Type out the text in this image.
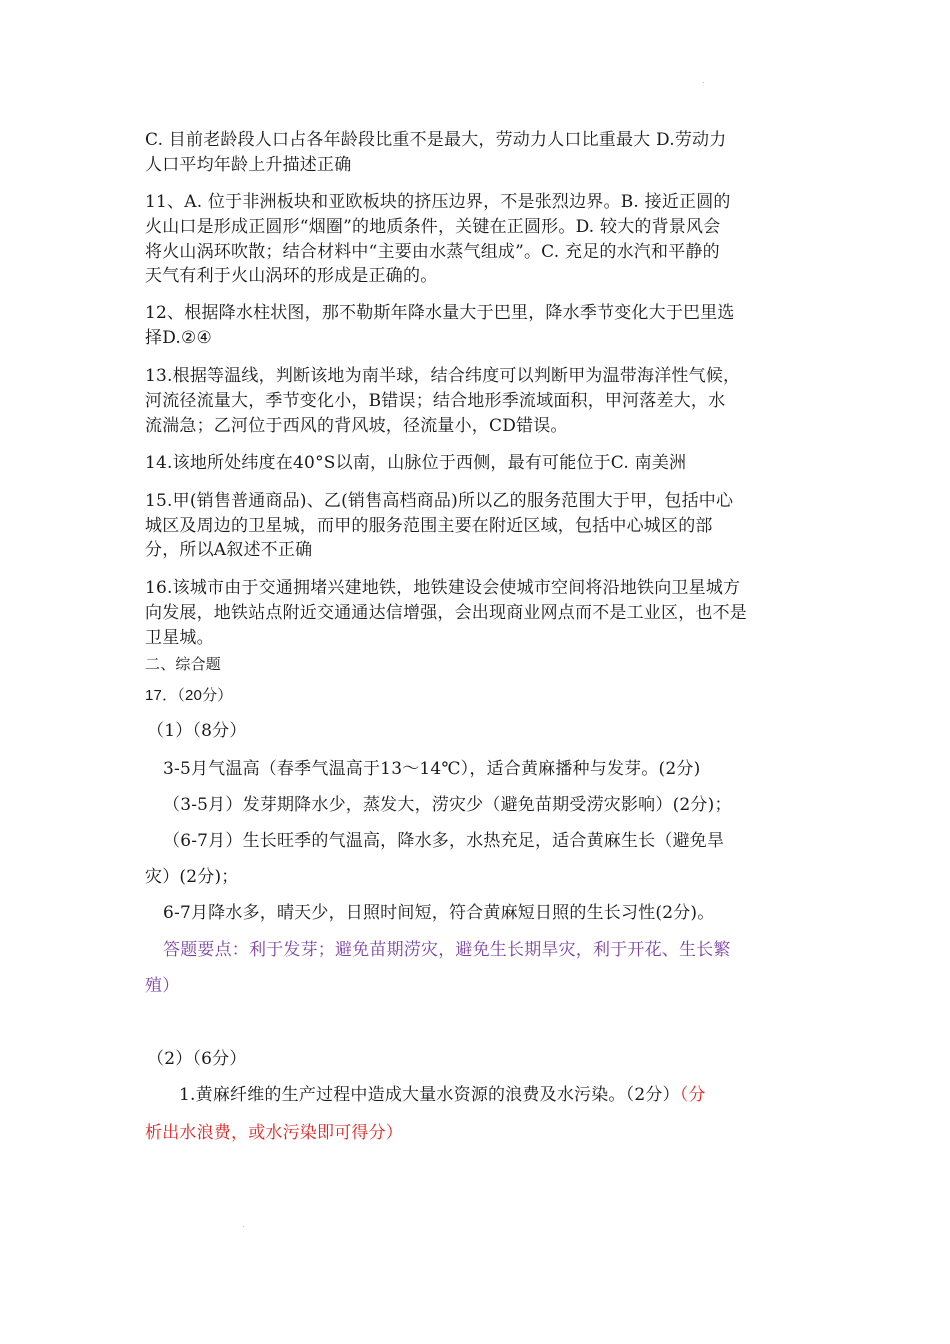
C. 目前老龄段人口占各年龄段比重不是最大，劳动力人口比重最大 D.劳动力
人口平均年龄上升描述正确
11、A. 位于非洲板块和亚欧板块的挤压边界，不是张烈边界。B. 接近正圆的
火山口是形成正圆形“烟圈”的地质条件，关键在正圆形。D. 较大的背景风会
将火山涡环吹散；结合材料中“主要由水蒸气组成”。C. 充足的水汽和平静的
天气有利于火山涡环的形成是正确的。
12、根据降水柱状图，那不勒斯年降水量大于巴里，降水季节变化大于巴里选
择D.②④
13.根据等温线，判断该地为南半球，结合纬度可以判断甲为温带海洋性气候，
河流径流量大，季节变化小，B错误；结合地形季流域面积，甲河落差大，水
流湍急；乙河位于西风的背风坡，径流量小，CD错误。
14.该地所处纬度在40°S以南，山脉位于西侧，最有可能位于C. 南美洲
15.甲(销售普通商品)、乙(销售高档商品)所以乙的服务范围大于甲，包括中心
城区及周边的卫星城，而甲的服务范围主要在附近区域，包括中心城区的部
分，所以A叙述不正确
16.该城市由于交通拥堵兴建地铁，地铁建设会使城市空间将沿地铁向卫星城方
向发展，地铁站点附近交通通达信增强，会出现商业网点而不是工业区，也不是
卫星城。
二、综合题
17．（20分）
（1）（8分）
3-5月气温高（春季气温高于13～14℃），适合黄麻播种与发芽。(2分)
（3-5月）发芽期降水少，蒸发大，涝灾少（避免苗期受涝灾影响）(2分)；
（6-7月）生长旺季的气温高，降水多，水热充足，适合黄麻生长（避免旱
灾）(2分)；
6-7月降水多，晴天少，日照时间短，符合黄麻短日照的生长习性(2分)。
答题要点：利于发芽；避免苗期涝灾，避免生长期旱灾，利于开花、生长繁
殖）
（2）（6分）
1.黄麻纤维的生产过程中造成大量水资源的浪费及水污染。（2分）（分
析出水浪费，或水污染即可得分）
